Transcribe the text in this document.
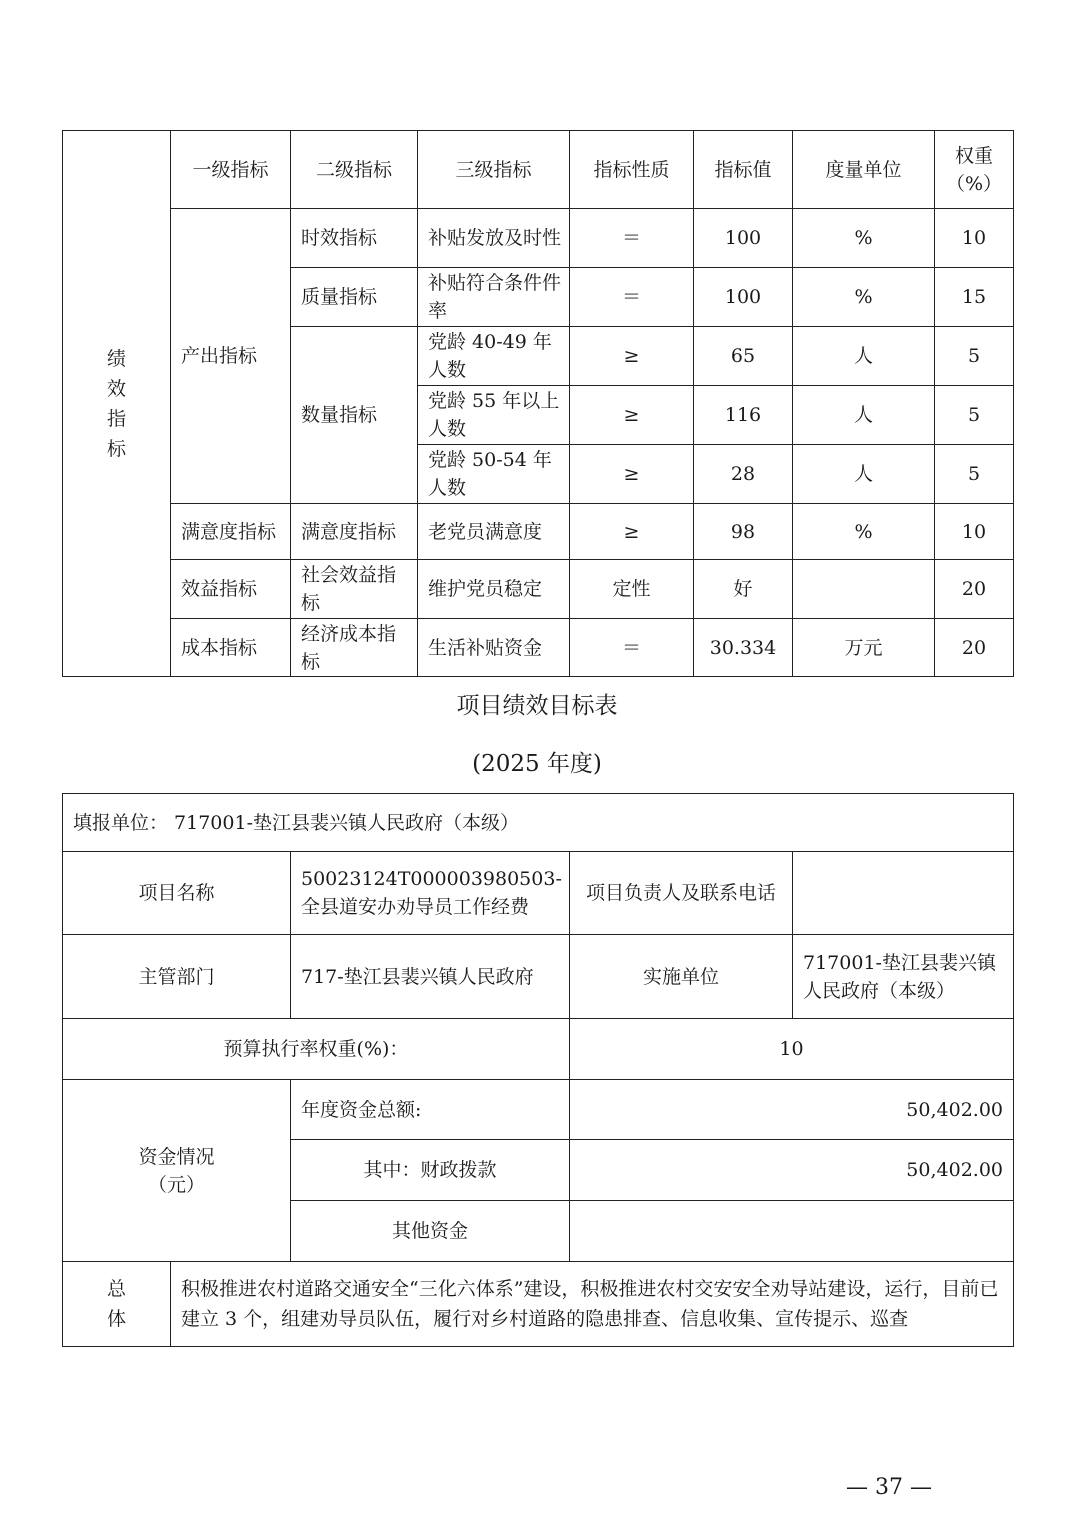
绩
效
指
标	一级指标	二级指标	三级指标	指标性质	指标值	度量单位	权重
（%）
	产出指标	时效指标	补贴发放及时性	＝	100	%	10
		质量指标	补贴符合条件件率	＝	100	%	15
		数量指标	党龄 40-49 年人数	≥	65	人	5
			党龄 55 年以上人数	≥	116	人	5
			党龄 50-54 年人数	≥	28	人	5
	满意度指标	满意度指标	老党员满意度	≥	98	%	10
	效益指标	社会效益指标	维护党员稳定	定性	好		20
	成本指标	经济成本指标	生活补贴资金	＝	30.334	万元	20
项目绩效目标表
(2025 年度)
填报单位： 717001-垫江县裴兴镇人民政府（本级）				
项目名称		50023124T000003980503-全县道安办劝导员工作经费	项目负责人及联系电话	
主管部门		717-垫江县裴兴镇人民政府	实施单位	717001-垫江县裴兴镇人民政府（本级）
预算执行率权重(%)：			10	
资金情况
（元）		年度资金总额:	50,402.00	
		其中：财政拨款	50,402.00	
		其他资金		
总
体	积极推进农村道路交通安全“三化六体系”建设，积极推进农村交安安全劝导站建设，运行，目前已建立 3 个，组建劝导员队伍，履行对乡村道路的隐患排查、信息收集、宣传提示、巡查			
— 37 —
